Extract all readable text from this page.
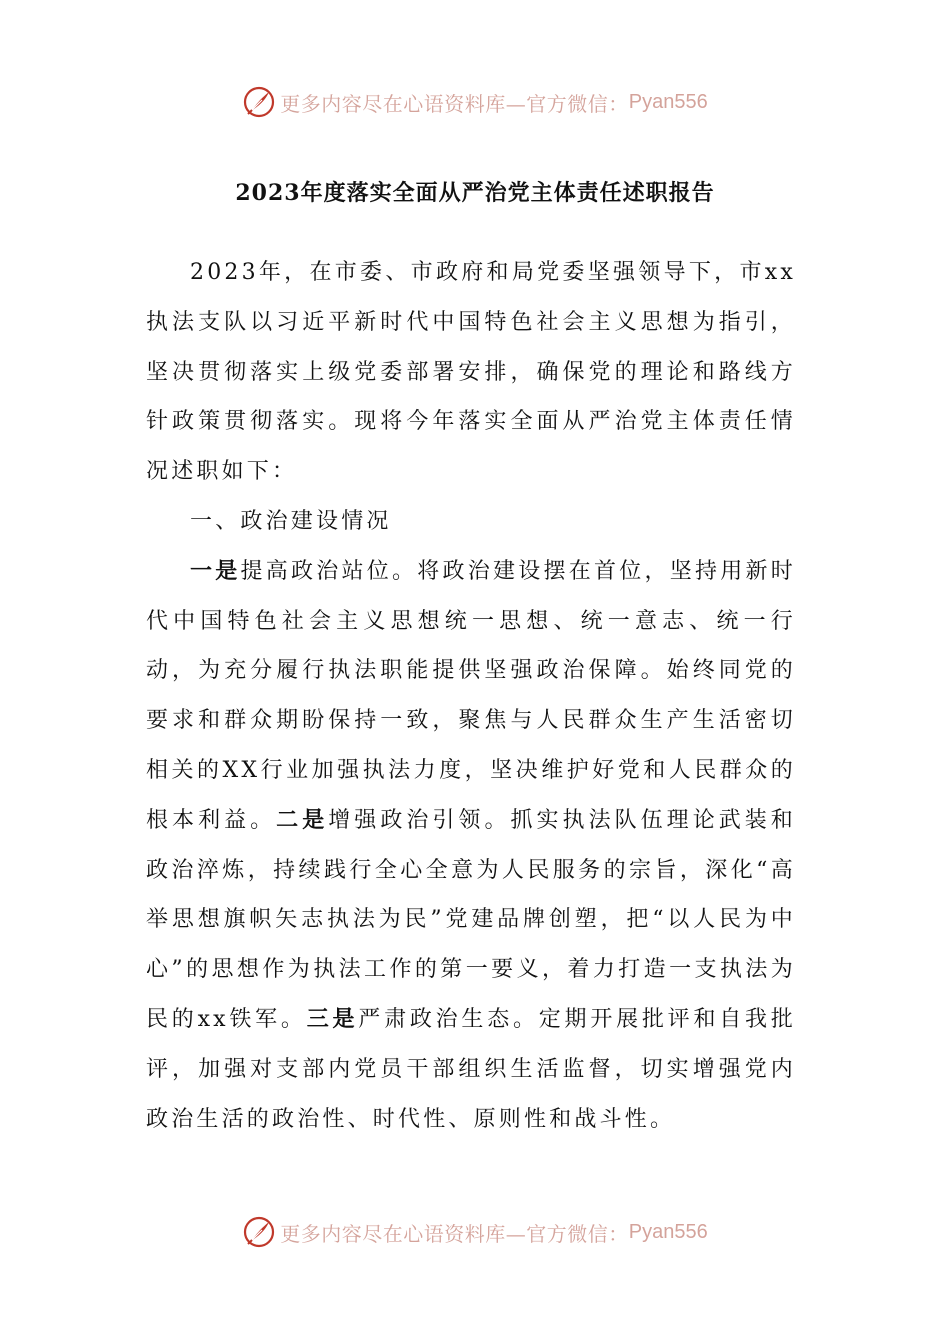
更多内容尽在心语资料库—官方微信： Pyan556
2023年度落实全面从严治党主体责任述职报告

2023年，在市委、市政府和局党委坚强领导下，市xx执法支队以习近平新时代中国特色社会主义思想为指引，坚决贯彻落实上级党委部署安排，确保党的理论和路线方针政策贯彻落实。现将今年落实全面从严治党主体责任情况述职如下：

一、政治建设情况

一是提高政治站位。将政治建设摆在首位，坚持用新时代中国特色社会主义思想统一思想、统一意志、统一行动，为充分履行执法职能提供坚强政治保障。始终同党的要求和群众期盼保持一致，聚焦与人民群众生产生活密切相关的XX行业加强执法力度，坚决维护好党和人民群众的根本利益。二是增强政治引领。抓实执法队伍理论武装和政治淬炼，持续践行全心全意为人民服务的宗旨，深化“高举思想旗帜矢志执法为民”党建品牌创塑，把“以人民为中心”的思想作为执法工作的第一要义，着力打造一支执法为民的xx铁军。三是严肃政治生态。定期开展批评和自我批评，加强对支部内党员干部组织生活监督，切实增强党内政治生活的政治性、时代性、原则性和战斗性。

更多内容尽在心语资料库—官方微信： Pyan556
